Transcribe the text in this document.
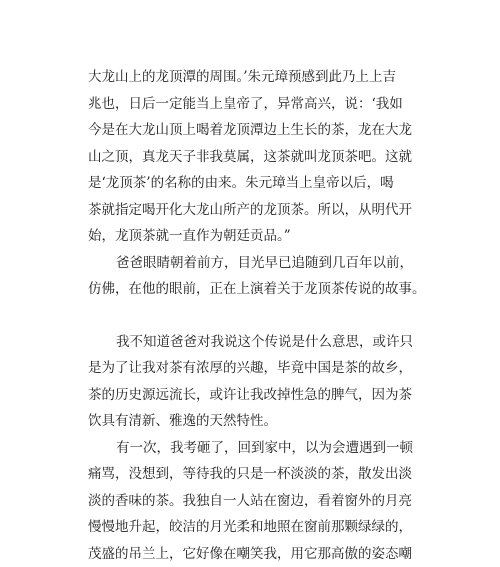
大龙山上的龙顶潭的周围。’朱元璋预感到此乃上上吉
兆也，日后一定能当上皇帝了，异常高兴，说：‘我如
今是在大龙山顶上喝着龙顶潭边上生长的茶，龙在大龙
山之顶，真龙天子非我莫属，这茶就叫龙顶茶吧。这就
是‘龙顶茶’的名称的由来。朱元璋当上皇帝以后，喝
茶就指定喝开化大龙山所产的龙顶茶。所以，从明代开
始，龙顶茶就一直作为朝廷贡品。”
爸爸眼睛朝着前方，目光早已追随到几百年以前，
仿佛，在他的眼前，正在上演着关于龙顶茶传说的故事。
我不知道爸爸对我说这个传说是什么意思，或许只
是为了让我对茶有浓厚的兴趣，毕竟中国是茶的故乡，
茶的历史源远流长，或许让我改掉性急的脾气，因为茶
饮具有清新、雅逸的天然特性。
有一次，我考砸了，回到家中，以为会遭遇到一顿
痛骂，没想到，等待我的只是一杯淡淡的茶，散发出淡
淡的香味的茶。我独自一人站在窗边，看着窗外的月亮
慢慢地升起，皎洁的月光柔和地照在窗前那颗绿绿的，
茂盛的吊兰上，它好像在嘲笑我，用它那高傲的姿态嘲
